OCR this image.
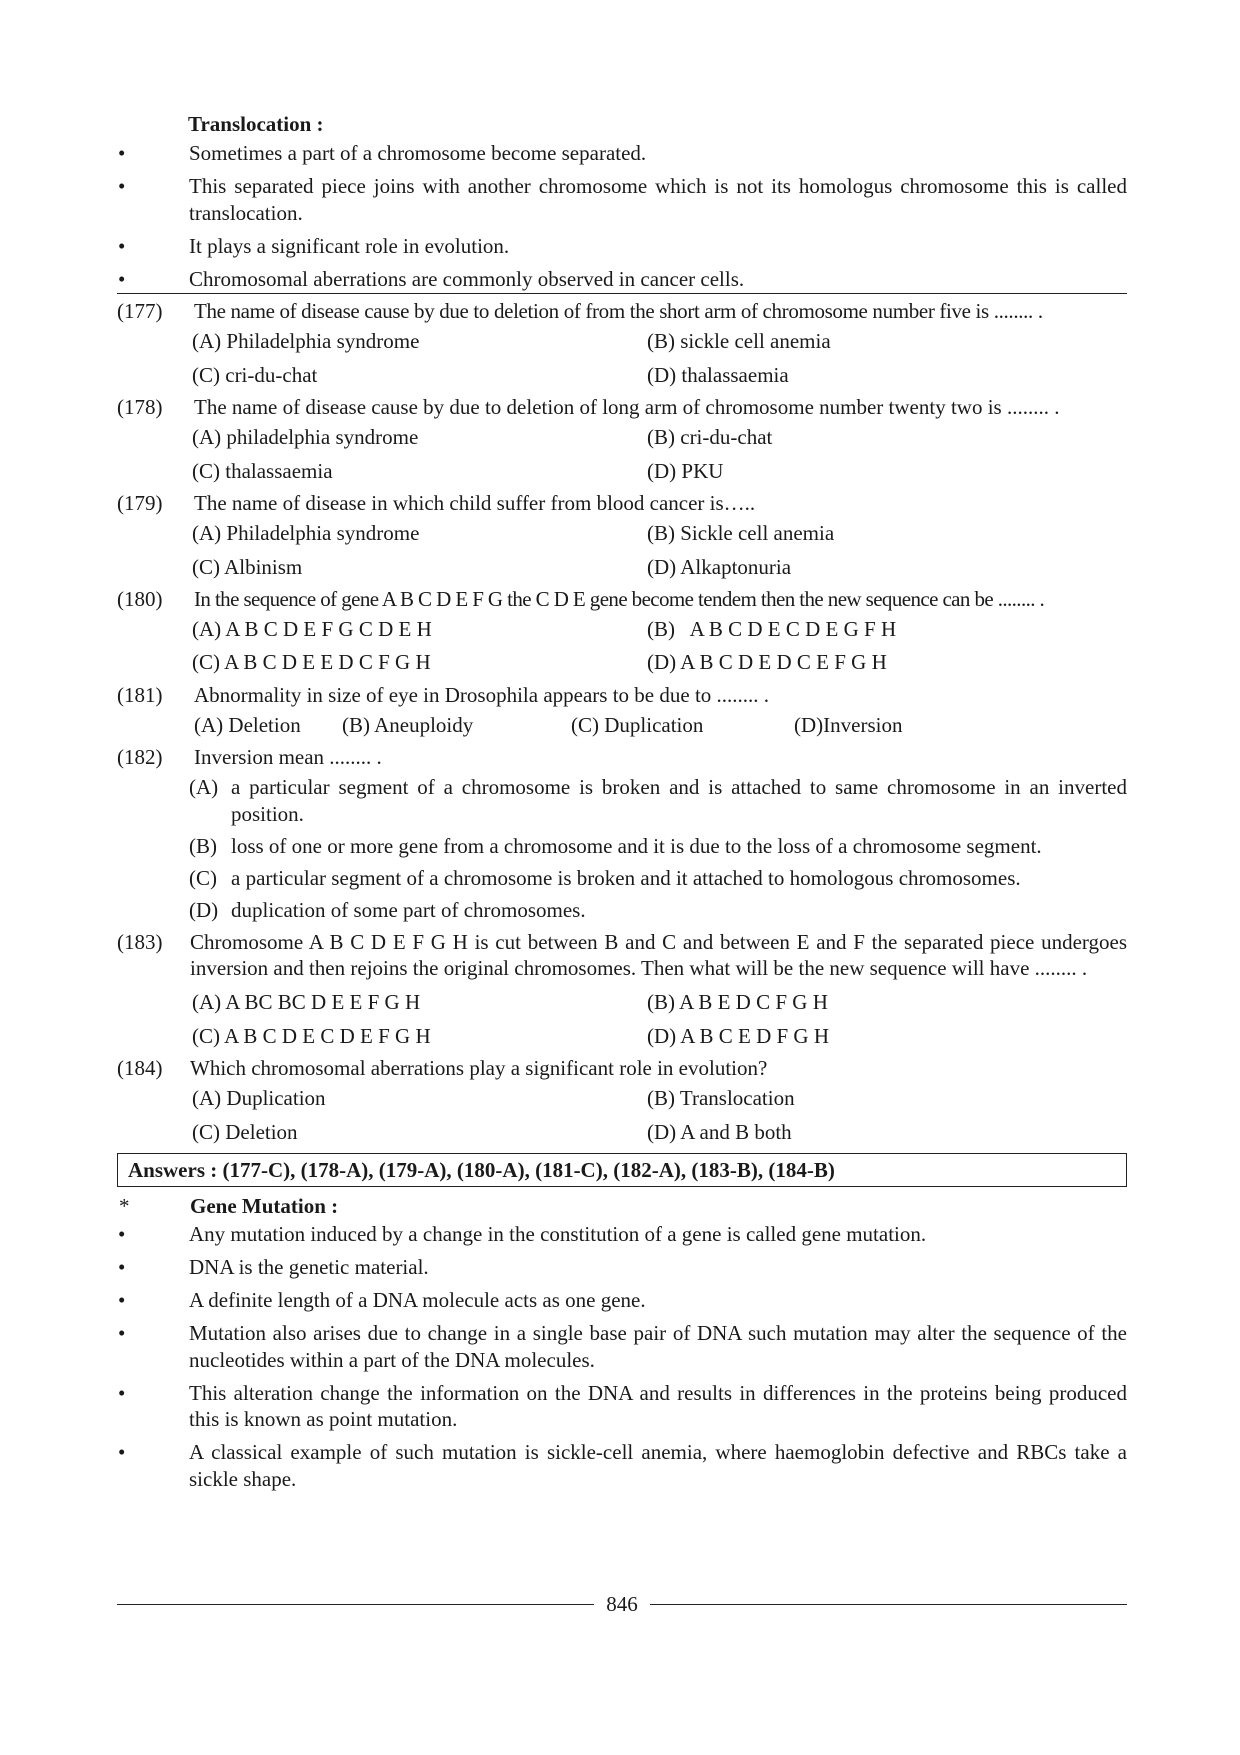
Translocation :
•	Sometimes a part of a chromosome become separated.
•	This separated piece joins with another chromosome which is not its homologus chromosome this is called translocation.
•	It plays a significant role in evolution.
•	Chromosomal aberrations are commonly observed in cancer cells.
(177)	The name of disease cause by due to deletion of from the short arm of chromosome number five is ........ .
(A) Philadelphia syndrome	(B) sickle cell anemia
(C) cri-du-chat	(D) thalassaemia
(178)	The name of disease cause by due to deletion of long arm of chromosome number twenty two is ........ .
(A) philadelphia syndrome	(B) cri-du-chat
(C) thalassaemia	(D) PKU
(179)	The name of disease in which child suffer from blood cancer is…..
(A) Philadelphia syndrome	(B) Sickle cell anemia
(C) Albinism	(D) Alkaptonuria
(180)	In the sequence of gene A B C D E F G the C D E gene become tendem then the new sequence can be ........ .
(A) A B C D E F G C D E H	(B)   A B C D E C D E G F H
(C) A B C D E E D C F G H	(D) A B C D E D C E F G H
(181)	Abnormality in size of eye in Drosophila appears to be due to ........ .
(A) Deletion	(B) Aneuploidy	(C) Duplication	(D)Inversion
(182)	Inversion mean ........ .
(A) a particular segment of a chromosome is broken and is attached to same chromosome in an inverted position.
(B) loss of one or more gene from a chromosome and it is due to the loss of a chromosome segment.
(C) a particular segment of a chromosome is broken and it attached to homologous chromosomes.
(D) duplication of some part of chromosomes.
(183)	Chromosome A B C D E F G H is cut between B and C and between E and F the separated piece undergoes inversion and then rejoins the original chromosomes. Then what will be the new sequence will have ........ .
(A) A BC BC D E E F G H	(B) A B E D C F G H
(C) A B C D E C D E F G H	(D) A B C E D F G H
(184)	Which chromosomal aberrations play a significant role in evolution?
(A) Duplication	(B) Translocation
(C) Deletion	(D) A and B both
Answers : (177-C), (178-A), (179-A), (180-A), (181-C), (182-A), (183-B), (184-B)
*	Gene Mutation :
•	Any mutation induced by a change in the constitution of a gene is called gene mutation.
•	DNA is the genetic material.
•	A definite length of a DNA molecule acts as one gene.
•	Mutation also arises due to change in a single base pair of DNA such mutation may alter the sequence of the nucleotides within a part of the DNA molecules.
•	This alteration change the information on the DNA and results in differences in the proteins being produced this is known as point mutation.
•	A classical example of such mutation is sickle-cell anemia, where haemoglobin defective and RBCs take a sickle shape.
846
